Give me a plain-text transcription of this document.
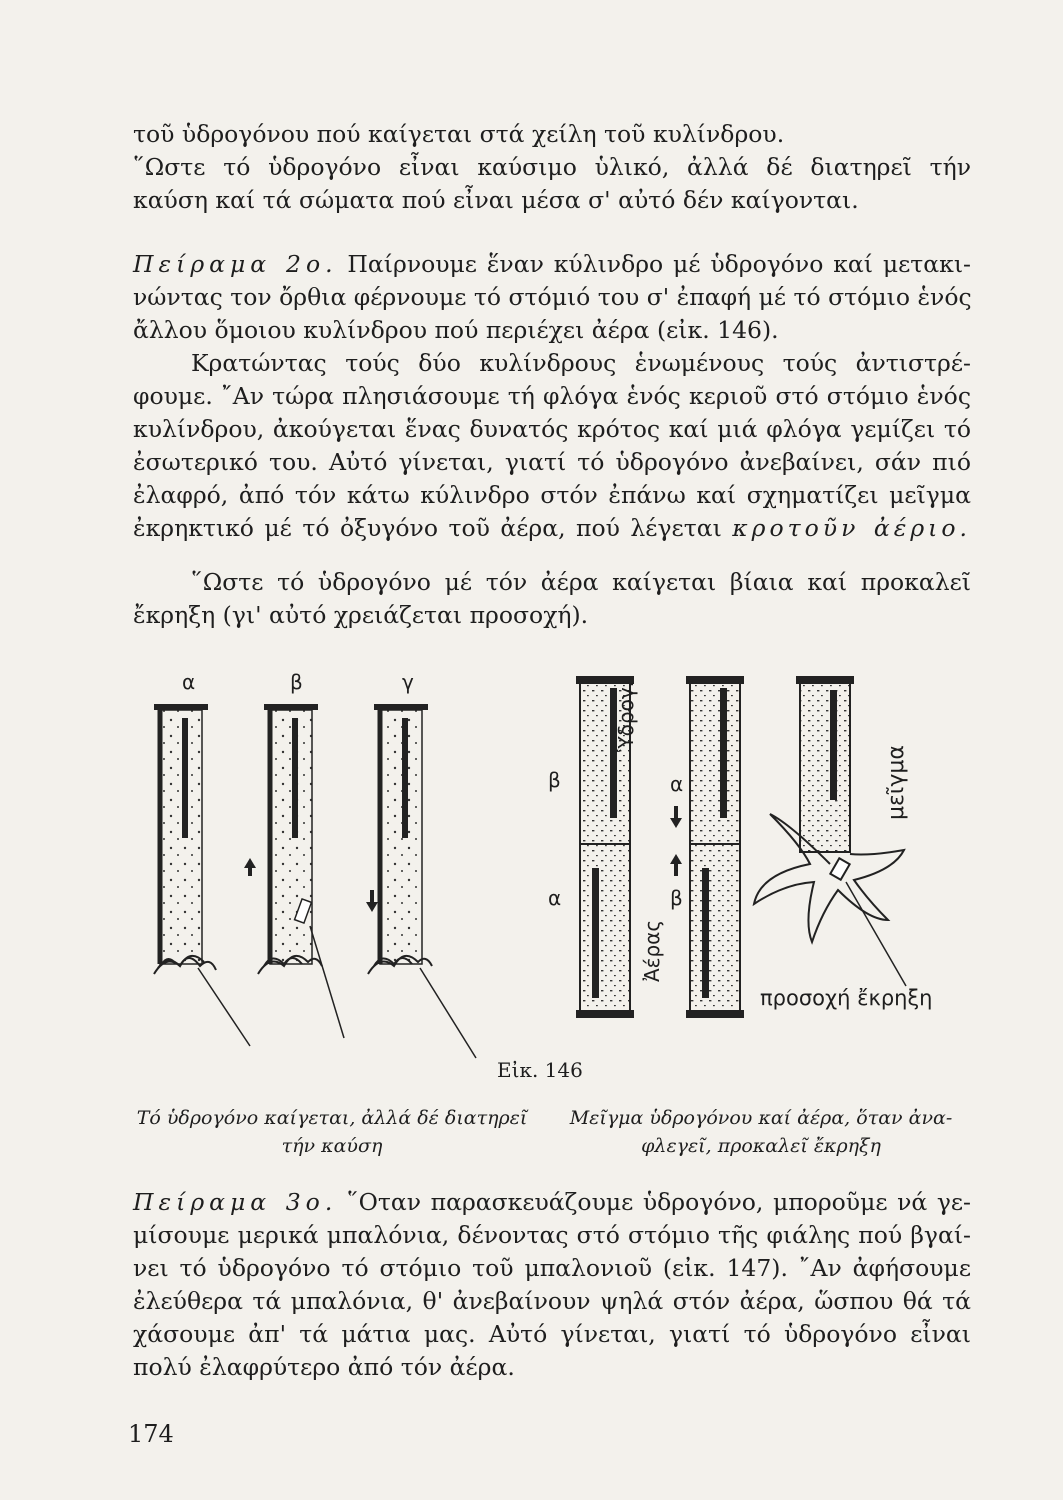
τοῦ ὑδρογόνου πού καίγεται στά χείλη τοῦ κυλίνδρου.
῞Ωστε τό ὑδρογόνο εἶναι καύσιμο ὑλικό, ἀλλά δέ διατηρεῖ τήν
καύση καί τά σώματα πού εἶναι μέσα σ' αὐτό δέν καίγονται.
Πείραμα 2ο. Παίρνουμε ἕναν κύλινδρο μέ ὑδρογόνο καί μετακι-
νώντας τον ὄρθια φέρνουμε τό στόμιό του σ' ἐπαφή μέ τό στόμιο ἑνός
ἄλλου ὅμοιου κυλίνδρου πού περιέχει ἀέρα (εἰκ. 146).
Κρατώντας τούς δύο κυλίνδρους ἑνωμένους τούς ἀντιστρέ-
φουμε. ῎Αν τώρα πλησιάσουμε τή φλόγα ἑνός κεριοῦ στό στόμιο ἑνός
κυλίνδρου, ἀκούγεται ἕνας δυνατός κρότος καί μιά φλόγα γεμίζει τό
ἐσωτερικό του. Αὐτό γίνεται, γιατί τό ὑδρογόνο ἀνεβαίνει, σάν πιό
ἐλαφρό, ἀπό τόν κάτω κύλινδρο στόν ἐπάνω καί σχηματίζει μεῖγμα
ἐκρηκτικό μέ τό ὀξυγόνο τοῦ ἀέρα, πού λέγεται κροτοῦν ἀέριο.
῞Ωστε τό ὑδρογόνο μέ τόν ἀέρα καίγεται βίαια καί προκαλεῖ
ἔκρηξη (γι' αὐτό χρειάζεται προσοχή).
α	β	γ
β
α
Ὑδρογ.
Ἀέρας
α
β
μεῖγμα
προσοχή ἔκρηξη
Εἰκ. 146
Τό ὑδρογόνο καίγεται, ἀλλά δέ διατηρεῖ
τήν καύση
Μεῖγμα ὑδρογόνου καί ἀέρα, ὅταν ἀνα-
φλεγεῖ, προκαλεῖ ἔκρηξη
Πείραμα 3ο. ῞Οταν παρασκευάζουμε ὑδρογόνο, μποροῦμε νά γε-
μίσουμε μερικά μπαλόνια, δένοντας στό στόμιο τῆς φιάλης πού βγαί-
νει τό ὑδρογόνο τό στόμιο τοῦ μπαλονιοῦ (εἰκ. 147). ῎Αν ἀφήσουμε
ἐλεύθερα τά μπαλόνια, θ' ἀνεβαίνουν ψηλά στόν ἀέρα, ὥσπου θά τά
χάσουμε ἀπ' τά μάτια μας. Αὐτό γίνεται, γιατί τό ὑδρογόνο εἶναι
πολύ ἐλαφρύτερο ἀπό τόν ἀέρα.
174
